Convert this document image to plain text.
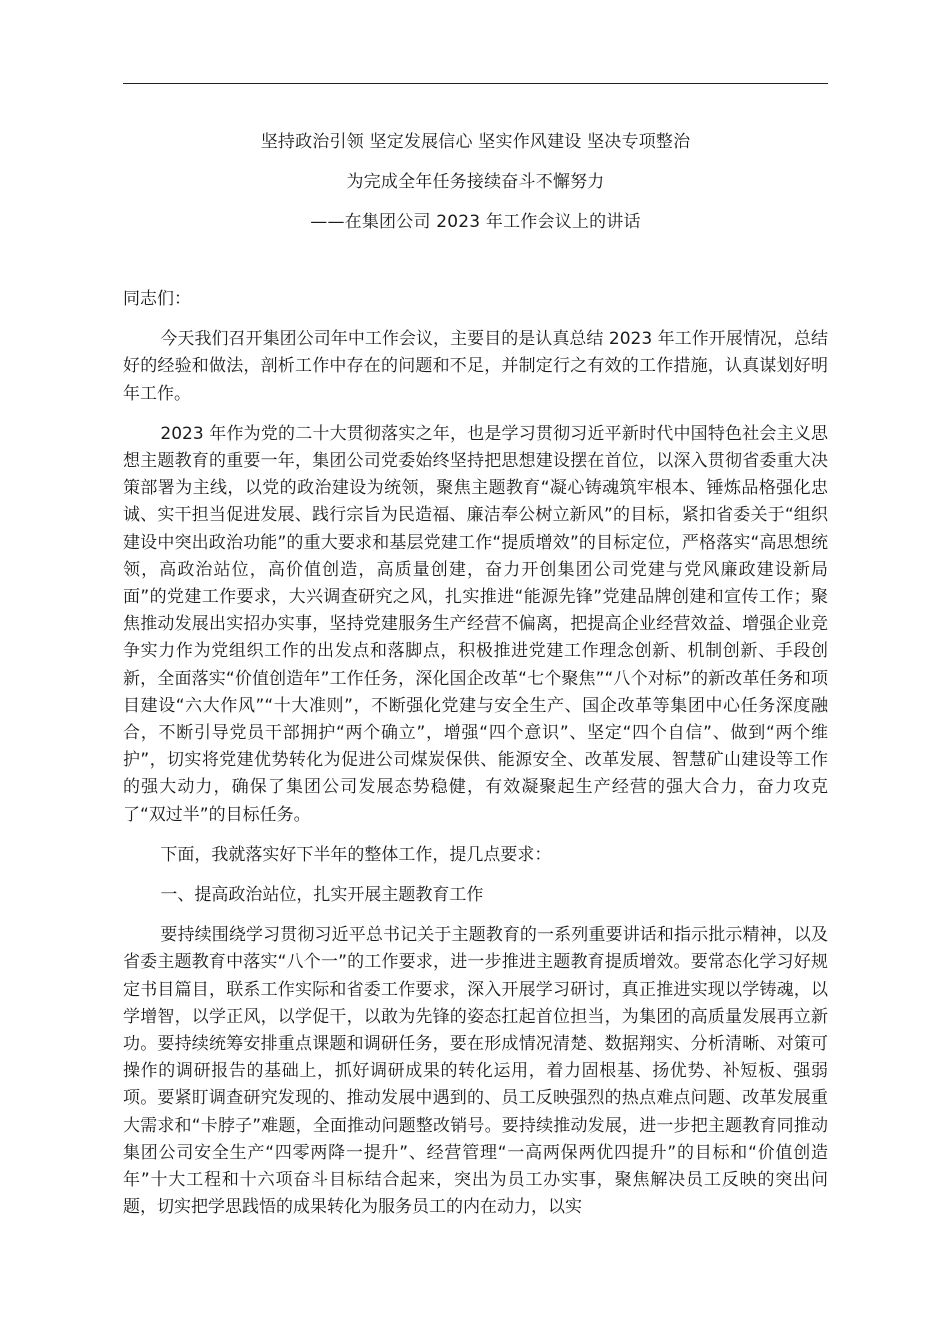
坚持政治引领 坚定发展信心 坚实作风建设 坚决专项整治
为完成全年任务接续奋斗不懈努力
——在集团公司 2023 年工作会议上的讲话
同志们：
今天我们召开集团公司年中工作会议，主要目的是认真总结 2023 年工作开展情况，总结好的经验和做法，剖析工作中存在的问题和不足，并制定行之有效的工作措施，认真谋划好明年工作。
2023 年作为党的二十大贯彻落实之年，也是学习贯彻习近平新时代中国特色社会主义思想主题教育的重要一年，集团公司党委始终坚持把思想建设摆在首位，以深入贯彻省委重大决策部署为主线，以党的政治建设为统领，聚焦主题教育“凝心铸魂筑牢根本、锤炼品格强化忠诚、实干担当促进发展、践行宗旨为民造福、廉洁奉公树立新风”的目标，紧扣省委关于“组织建设中突出政治功能”的重大要求和基层党建工作“提质增效”的目标定位，严格落实“高思想统领，高政治站位，高价值创造，高质量创建，奋力开创集团公司党建与党风廉政建设新局面”的党建工作要求，大兴调查研究之风，扎实推进“能源先锋”党建品牌创建和宣传工作；聚焦推动发展出实招办实事，坚持党建服务生产经营不偏离，把提高企业经营效益、增强企业竞争实力作为党组织工作的出发点和落脚点，积极推进党建工作理念创新、机制创新、手段创新，全面落实“价值创造年”工作任务，深化国企改革“七个聚焦”“八个对标”的新改革任务和项目建设“六大作风”“十大准则”，不断强化党建与安全生产、国企改革等集团中心任务深度融合，不断引导党员干部拥护“两个确立”，增强“四个意识”、坚定“四个自信”、做到“两个维护”，切实将党建优势转化为促进公司煤炭保供、能源安全、改革发展、智慧矿山建设等工作的强大动力，确保了集团公司发展态势稳健，有效凝聚起生产经营的强大合力，奋力攻克了“双过半”的目标任务。
下面，我就落实好下半年的整体工作，提几点要求：
一、提高政治站位，扎实开展主题教育工作
要持续围绕学习贯彻习近平总书记关于主题教育的一系列重要讲话和指示批示精神，以及省委主题教育中落实“八个一”的工作要求，进一步推进主题教育提质增效。要常态化学习好规定书目篇目，联系工作实际和省委工作要求，深入开展学习研讨，真正推进实现以学铸魂，以学增智，以学正风，以学促干，以敢为先锋的姿态扛起首位担当，为集团的高质量发展再立新功。要持续统筹安排重点课题和调研任务，要在形成情况清楚、数据翔实、分析清晰、对策可操作的调研报告的基础上，抓好调研成果的转化运用，着力固根基、扬优势、补短板、强弱项。要紧盯调查研究发现的、推动发展中遇到的、员工反映强烈的热点难点问题、改革发展重大需求和“卡脖子”难题，全面推动问题整改销号。要持续推动发展，进一步把主题教育同推动集团公司安全生产“四零两降一提升”、经营管理“一高两保两优四提升”的目标和“价值创造年”十大工程和十六项奋斗目标结合起来，突出为员工办实事，聚焦解决员工反映的突出问题，切实把学思践悟的成果转化为服务员工的内在动力，以实
